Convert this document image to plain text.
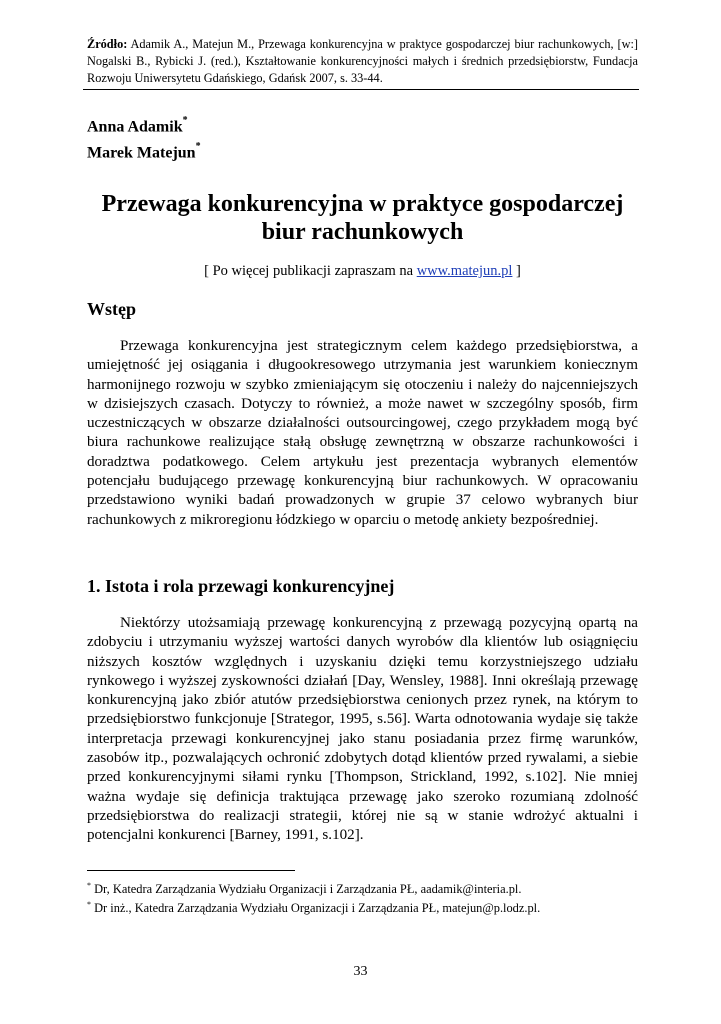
Źródło: Adamik A., Matejun M., Przewaga konkurencyjna w praktyce gospodarczej biur rachunkowych, [w:] Nogalski B., Rybicki J. (red.), Kształtowanie konkurencyjności małych i średnich przedsiębiorstw, Fundacja Rozwoju Uniwersytetu Gdańskiego, Gdańsk 2007, s. 33-44.
Anna Adamik*
Marek Matejun*
Przewaga konkurencyjna w praktyce gospodarczej
biur rachunkowych
[ Po więcej publikacji zapraszam na www.matejun.pl ]
Wstęp

Przewaga konkurencyjna jest strategicznym celem każdego przedsiębiorstwa, a umiejętność jej osiągania i długookresowego utrzymania jest warunkiem koniecznym harmonijnego rozwoju w szybko zmieniającym się otoczeniu i należy do najcenniejszych w dzisiejszych czasach. Dotyczy to również, a może nawet w szczególny sposób, firm uczestniczących w obszarze działalności outsourcingowej, czego przykładem mogą być biura rachunkowe realizujące stałą obsługę zewnętrzną w obszarze rachunkowości i doradztwa podatkowego. Celem artykułu jest prezentacja wybranych elementów potencjału budującego przewagę konkurencyjną biur rachunkowych. W opracowaniu przedstawiono wyniki badań prowadzonych w grupie 37 celowo wybranych biur rachunkowych z mikroregionu łódzkiego w oparciu o metodę ankiety bezpośredniej.

1. Istota i rola przewagi konkurencyjnej

Niektórzy utożsamiają przewagę konkurencyjną z przewagą pozycyjną opartą na zdobyciu i utrzymaniu wyższej wartości danych wyrobów dla klientów lub osiągnięciu niższych kosztów względnych i uzyskaniu dzięki temu korzystniejszego udziału rynkowego i wyższej zyskowności działań [Day, Wensley, 1988]. Inni określają przewagę konkurencyjną jako zbiór atutów przedsiębiorstwa cenionych przez rynek, na którym to przedsiębiorstwo funkcjonuje [Strategor, 1995, s.56]. Warta odnotowania wydaje się także interpretacja przewagi konkurencyjnej jako stanu posiadania przez firmę warunków, zasobów itp., pozwalających ochronić zdobytych dotąd klientów przed rywalami, a siebie przed konkurencyjnymi siłami rynku [Thompson, Strickland, 1992, s.102]. Nie mniej ważna wydaje się definicja traktująca przewagę jako szeroko rozumianą zdolność przedsiębiorstwa do realizacji strategii, której nie są w stanie wdrożyć aktualni i potencjalni konkurenci [Barney, 1991, s.102].

* Dr, Katedra Zarządzania Wydziału Organizacji i Zarządzania PŁ, aadamik@interia.pl.
* Dr inż., Katedra Zarządzania Wydziału Organizacji i Zarządzania PŁ, matejun@p.lodz.pl.
33
